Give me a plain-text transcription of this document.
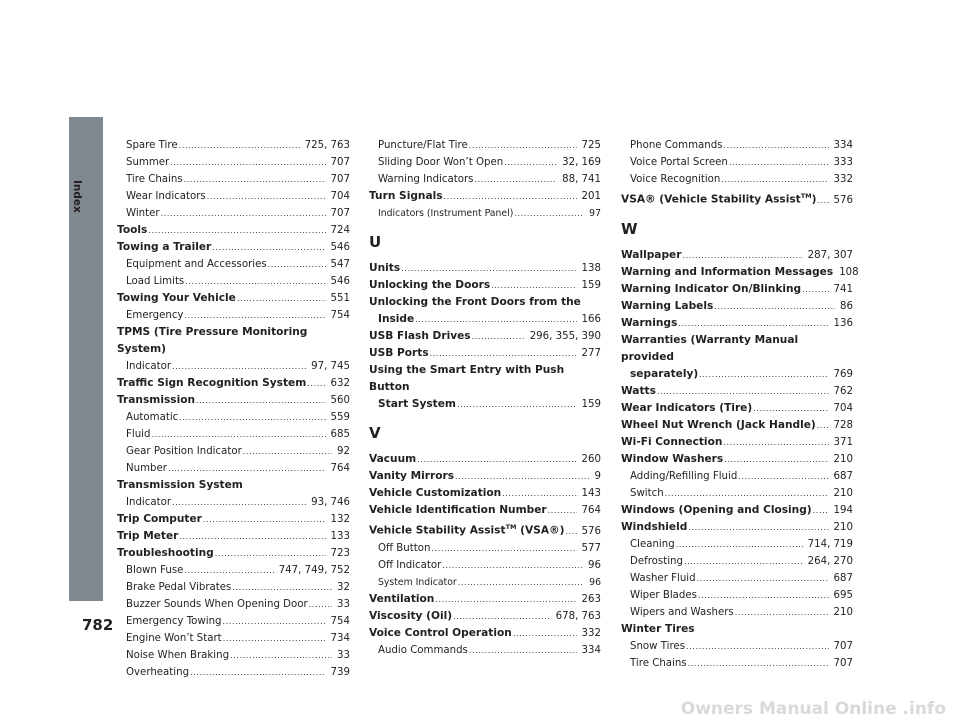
Index
782
Spare Tire .....	725, 763
Summer .....	707
Tire Chains .....	707
Wear Indicators .....	704
Winter .....	707
Tools .....	724
Towing a Trailer .....	546
Equipment and Accessories .....	547
Load Limits .....	546
Towing Your Vehicle .....	551
Emergency .....	754
TPMS (Tire Pressure Monitoring System)
Indicator .....	97, 745
Traffic Sign Recognition System ..... 632
Transmission .....	560
Automatic .....	559
Fluid .....	685
Gear Position Indicator .....	92
Number .....	764
Transmission System
Indicator .....	93, 746
Trip Computer .....	132
Trip Meter .....	133
Troubleshooting .....	723
Blown Fuse .....	747, 749, 752
Brake Pedal Vibrates .....	32
Buzzer Sounds When Opening Door .....	33
Emergency Towing .....	754
Engine Won’t Start .....	734
Noise When Braking .....	33
Overheating .....	739
Puncture/Flat Tire .....	725
Sliding Door Won’t Open .....	32, 169
Warning Indicators .....	88, 741
Turn Signals .....	201
Indicators (Instrument Panel) .....	97
U
Units .....	138
Unlocking the Doors .....	159
Unlocking the Front Doors from the
Inside .....	166
USB Flash Drives .....	296, 355, 390
USB Ports .....	277
Using the Smart Entry with Push Button
Start System .....	159
V
Vacuum .....	260
Vanity Mirrors .....	9
Vehicle Customization .....	143
Vehicle Identification Number .....	764
Vehicle Stability Assist™ (VSA®) ..... 576
Off Button .....	577
Off Indicator .....	96
System Indicator .....	96
Ventilation .....	263
Viscosity (Oil) .....	678, 763
Voice Control Operation .....	332
Audio Commands .....	334
Phone Commands .....	334
Voice Portal Screen .....	333
Voice Recognition .....	332
VSA® (Vehicle Stability Assist™) ..... 576
W
Wallpaper .....	287, 307
Warning and Information Messages 108
Warning Indicator On/Blinking .....	741
Warning Labels .....	86
Warnings .....	136
Warranties (Warranty Manual provided
separately) .....	769
Watts .....	762
Wear Indicators (Tire) .....	704
Wheel Nut Wrench (Jack Handle) ..... 728
Wi-Fi Connection .....	371
Window Washers .....	210
Adding/Refilling Fluid .....	687
Switch .....	210
Windows (Opening and Closing) ..... 194
Windshield .....	210
Cleaning .....	714, 719
Defrosting .....	264, 270
Washer Fluid .....	687
Wiper Blades .....	695
Wipers and Washers .....	210
Winter Tires
Snow Tires .....	707
Tire Chains .....	707
Owners Manual Online .info
